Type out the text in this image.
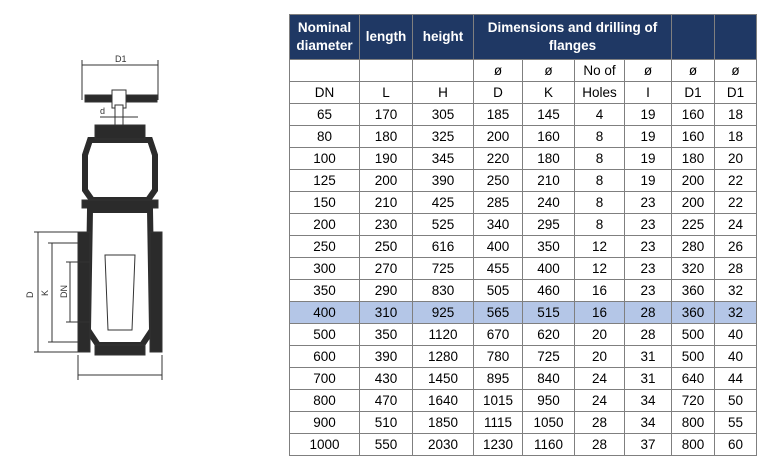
D1
d
D K DN
Nominal diameter	length	height	Dimensions and drilling of flanges					
			ø	ø	No of	ø	ø	ø
DN	L	H	D	K	Holes	I	D1	D1
65	170	305	185	145	4	19	160	18
80	180	325	200	160	8	19	160	18
100	190	345	220	180	8	19	180	20
125	200	390	250	210	8	19	200	22
150	210	425	285	240	8	23	200	22
200	230	525	340	295	8	23	225	24
250	250	616	400	350	12	23	280	26
300	270	725	455	400	12	23	320	28
350	290	830	505	460	16	23	360	32
400	310	925	565	515	16	28	360	32
500	350	1120	670	620	20	28	500	40
600	390	1280	780	725	20	31	500	40
700	430	1450	895	840	24	31	640	44
800	470	1640	1015	950	24	34	720	50
900	510	1850	1115	1050	28	34	800	55
1000	550	2030	1230	1160	28	37	800	60
